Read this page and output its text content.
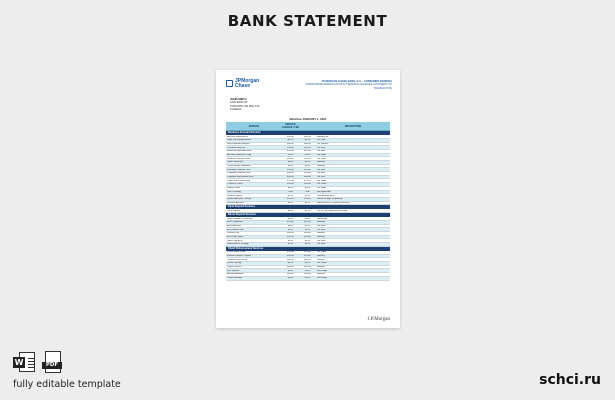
BANK STATEMENT
JPMorgan
Chase
JP MORGAN CHASE BANK, N.A. - CONSUMER BANKING
STANDARD BUSINESS ACCOUNT SERVICE CHARGES & PAYMENT OF TRANSACTION
JOHN SMITH
1234 MAIN ST
TORONTO ON M5V 1J1
CANADA
Effective JANUARY 1, 2021
SERVICE	SERVICE CHARGE / FEE	DESCRIPTION
Business Account Services
Account Maintenance	$15.00	$95.00	Monthly fee
Debit Card Replacement	$5.00	$5.00	Per card
Stop Payment Request	$30.00	$30.00	Per request
Overdraft Item Fee	$34.00	$34.00	Per item
Returned Deposited Item	$12.00	$12.00	Per item
Account Statement Copy	$5.00	$5.00	Per copy
Research Fee per Hour	$25.00	$25.00	Per hour
Paper Statement	$3.00	$3.00	Monthly
Check Image Statement	$5.00	$5.00	Monthly
Incoming Domestic Wire	$15.00	$15.00	Per wire
Outgoing Domestic Wire	$30.00	$30.00	Per wire
Outgoing International Wire	$50.00	$50.00	Per wire
Legal Order Processing	$75.00	$75.00	Per order
Cashier's Check	$10.00	$10.00	Per check
Money Order	$5.00	$5.00	Per order
Coin Counting	N/A	N/A	Not applicable
Balance Inquiry	$2.50	$2.50	Non-network ATM
Deposit Account Closing	$25.00	$25.00	Within 90 days of opening
Dormant Account	$5.00	$5.00	Monthly after 12 months inactivity
Cash Deposit Services
Cash Deposit	$0.00	$2.50	Per $1,000 deposited over limit
Direct Deposit Services
Direct Deposit Processing	$0.00	$0.00	No charge
ACH Origination	$15.00	$15.00	Monthly
ACH Item Fee	$0.15	$0.15	Per item
ACH Return Item	$5.00	$5.00	Per item
Positive Pay	$50.00	$50.00	Monthly
ACH Debit Block	$10.00	$10.00	Monthly
Same Day ACH	$1.00	$1.00	Per item
Notification of Change	$2.00	$2.00	Per item
Client Disbursement Services
Check Stock Order	$35.00	$35.00	Per order
Remote Deposit Capture	$25.00	$25.00	Monthly
Lockbox Processing	$50.00	$50.00	Monthly
Check Printing	$0.25	$0.25	Per check
Payroll Service	$20.00	$20.00	Monthly
Bill Payment	$0.00	$0.00	No charge
Account Analysis	$10.00	$10.00	Monthly
Online Banking	$0.00	$0.00	No charge
J.P.Morgan
W	PDF
fully editable template	schci.ru
